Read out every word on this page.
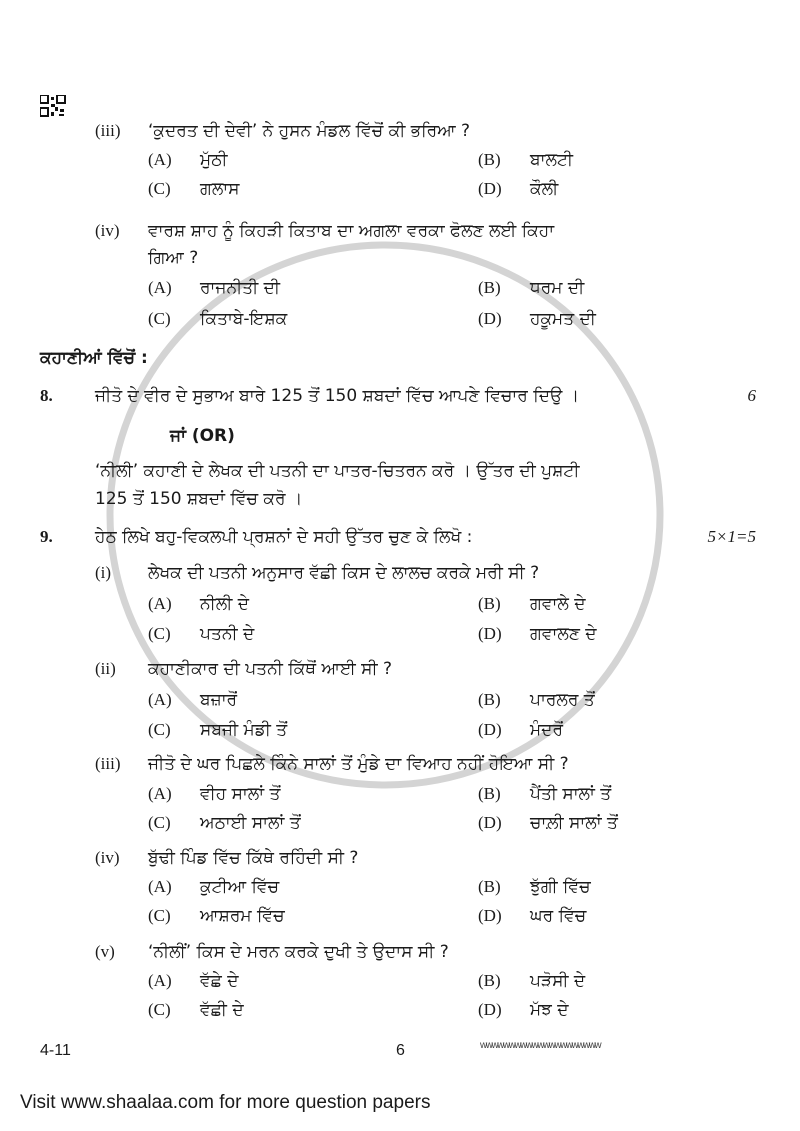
(iii)	‘ਕੁਦਰਤ ਦੀ ਦੇਵੀ’ ਨੇ ਹੁਸਨ ਮੰਡਲ ਵਿੱਚੋਂ ਕੀ ਭਰਿਆ ?
(A)	ਮੁੱਠੀ	(B)	ਬਾਲਟੀ
(C)	ਗਲਾਸ	(D)	ਕੌਲੀ
(iv)	ਵਾਰਸ਼ ਸ਼ਾਹ ਨੂੰ ਕਿਹੜੀ ਕਿਤਾਬ ਦਾ ਅਗਲਾ ਵਰਕਾ ਫੋਲਣ ਲਈ ਕਿਹਾ
ਗਿਆ ?
(A)	ਰਾਜਨੀਤੀ ਦੀ	(B)	ਧਰਮ ਦੀ
(C)	ਕਿਤਾਬੇ-ਇਸ਼ਕ	(D)	ਹਕੂਮਤ ਦੀ
ਕਹਾਣੀਆਂ ਵਿੱਚੋਂ :
8.	ਜੀਤੋ ਦੇ ਵੀਰ ਦੇ ਸੁਭਾਅ ਬਾਰੇ 125 ਤੋਂ 150 ਸ਼ਬਦਾਂ ਵਿੱਚ ਆਪਣੇ ਵਿਚਾਰ ਦਿਉ ।	6
ਜਾਂ (OR)
‘ਨੀਲੀ’ ਕਹਾਣੀ ਦੇ ਲੇਖਕ ਦੀ ਪਤਨੀ ਦਾ ਪਾਤਰ-ਚਿਤਰਨ ਕਰੋ । ਉੱਤਰ ਦੀ ਪੁਸ਼ਟੀ
125 ਤੋਂ 150 ਸ਼ਬਦਾਂ ਵਿੱਚ ਕਰੋ ।
9.	ਹੇਠ ਲਿਖੇ ਬਹੁ-ਵਿਕਲਪੀ ਪ੍ਰਸ਼ਨਾਂ ਦੇ ਸਹੀ ਉੱਤਰ ਚੁਣ ਕੇ ਲਿਖੋ :	5×1=5
(i)	ਲੇਖਕ ਦੀ ਪਤਨੀ ਅਨੁਸਾਰ ਵੱਛੀ ਕਿਸ ਦੇ ਲਾਲਚ ਕਰਕੇ ਮਰੀ ਸੀ ?
(A)	ਨੀਲੀ ਦੇ	(B)	ਗਵਾਲੇ ਦੇ
(C)	ਪਤਨੀ ਦੇ	(D)	ਗਵਾਲਣ ਦੇ
(ii)	ਕਹਾਣੀਕਾਰ ਦੀ ਪਤਨੀ ਕਿੱਥੋਂ ਆਈ ਸੀ ?
(A)	ਬਜ਼ਾਰੋਂ	(B)	ਪਾਰਲਰ ਤੋਂ
(C)	ਸਬਜੀ ਮੰਡੀ ਤੋਂ	(D)	ਮੰਦਰੋਂ
(iii)	ਜੀਤੋ ਦੇ ਘਰ ਪਿਛਲੇ ਕਿੰਨੇ ਸਾਲਾਂ ਤੋਂ ਮੁੰਡੇ ਦਾ ਵਿਆਹ ਨਹੀਂ ਹੋਇਆ ਸੀ ?
(A)	ਵੀਹ ਸਾਲਾਂ ਤੋਂ	(B)	ਪੈਂਤੀ ਸਾਲਾਂ ਤੋਂ
(C)	ਅਠਾਈ ਸਾਲਾਂ ਤੋਂ	(D)	ਚਾਲ਼ੀ ਸਾਲਾਂ ਤੋਂ
(iv)	ਬੁੱਢੀ ਪਿੰਡ ਵਿੱਚ ਕਿੱਥੇ ਰਹਿੰਦੀ ਸੀ ?
(A)	ਕੁਟੀਆ ਵਿੱਚ	(B)	ਝੁੱਗੀ ਵਿੱਚ
(C)	ਆਸ਼ਰਮ ਵਿੱਚ	(D)	ਘਰ ਵਿੱਚ
(v)	‘ਨੀਲੀਂ’ ਕਿਸ ਦੇ ਮਰਨ ਕਰਕੇ ਦੁਖੀ ਤੇ ਉਦਾਸ ਸੀ ?
(A)	ਵੱਛੇ ਦੇ	(B)	ਪੜੋਸੀ ਦੇ
(C)	ਵੱਛੀ ਦੇ	(D)	ਮੱਝ ਦੇ
4-11	6	wwwwwwwwwwwwwwwwwwwww
Visit www.shaalaa.com for more question papers
